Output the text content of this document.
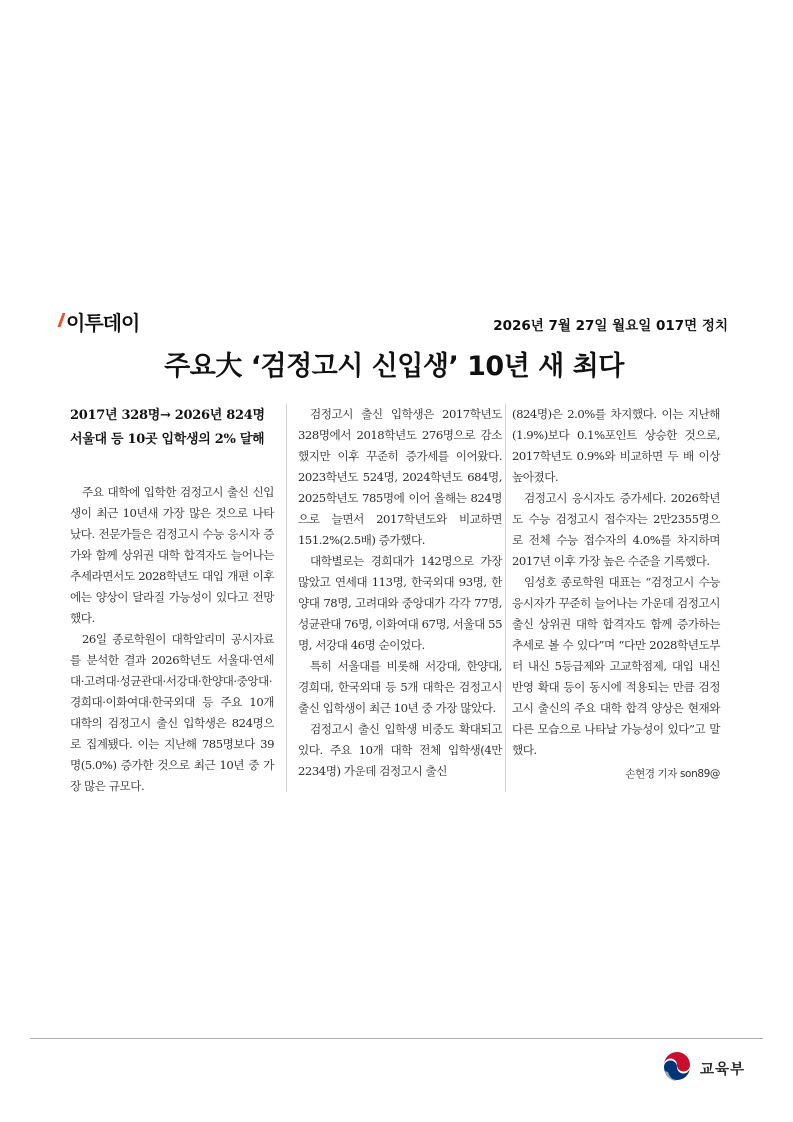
이투데이	2026년 7월 27일 월요일 017면 정치
주요大 ‘검정고시 신입생’ 10년 새 최다
2017년 328명→ 2026년 824명
서울대 등 10곳 입학생의 2% 달해

주요 대학에 입학한 검정고시 출신 신입생이 최근 10년새 가장 많은 것으로 나타났다. 전문가들은 검정고시 수능 응시자 증가와 함께 상위권 대학 합격자도 늘어나는 추세라면서도 2028학년도 대입 개편 이후에는 양상이 달라질 가능성이 있다고 전망했다.

26일 종로학원이 대학알리미 공시자료를 분석한 결과 2026학년도 서울대·연세대·고려대·성균관대·서강대·한양대·중앙대·경희대·이화여대·한국외대 등 주요 10개 대학의 검정고시 출신 입학생은 824명으로 집계됐다. 이는 지난해 785명보다 39명(5.0%) 증가한 것으로 최근 10년 중 가장 많은 규모다.

검정고시 출신 입학생은 2017학년도 328명에서 2018학년도 276명으로 감소했지만 이후 꾸준히 증가세를 이어왔다. 2023학년도 524명, 2024학년도 684명, 2025학년도 785명에 이어 올해는 824명으로 늘면서 2017학년도와 비교하면 151.2%(2.5배) 증가했다.

대학별로는 경희대가 142명으로 가장 많았고 연세대 113명, 한국외대 93명, 한양대 78명, 고려대와 중앙대가 각각 77명, 성균관대 76명, 이화여대 67명, 서울대 55명, 서강대 46명 순이었다.

특히 서울대를 비롯해 서강대, 한양대, 경희대, 한국외대 등 5개 대학은 검정고시 출신 입학생이 최근 10년 중 가장 많았다.

검정고시 출신 입학생 비중도 확대되고 있다. 주요 10개 대학 전체 입학생(4만2234명) 가운데 검정고시 출신

(824명)은 2.0%를 차지했다. 이는 지난해(1.9%)보다 0.1%포인트 상승한 것으로, 2017학년도 0.9%와 비교하면 두 배 이상 높아졌다.

검정고시 응시자도 증가세다. 2026학년도 수능 검정고시 접수자는 2만2355명으로 전체 수능 접수자의 4.0%를 차지하며 2017년 이후 가장 높은 수준을 기록했다.

임성호 종로학원 대표는 “검정고시 수능 응시자가 꾸준히 늘어나는 가운데 검정고시 출신 상위권 대학 합격자도 함께 증가하는 추세로 볼 수 있다”며 “다만 2028학년도부터 내신 5등급제와 고교학점제, 대입 내신 반영 확대 등이 동시에 적용되는 만큼 검정고시 출신의 주요 대학 합격 양상은 현재와 다른 모습으로 나타날 가능성이 있다”고 말했다.

손현경 기자 son89@
교육부
